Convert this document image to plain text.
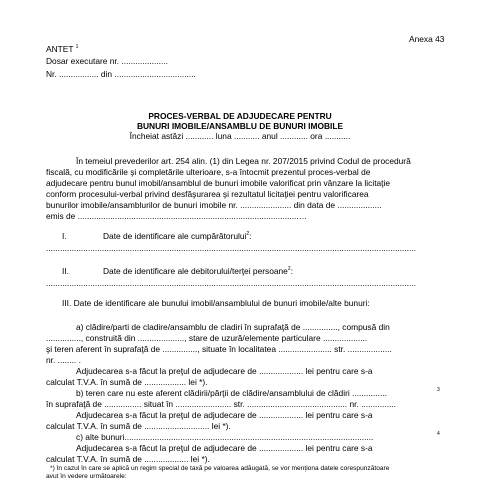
Anexa 43
ANTET $^1$
Dosar executare nr. ....................
Nr. ................. din ...................................
PROCES-VERBAL DE ADJUDECARE PENTRU
BUNURI IMOBILE/ANSAMBLU DE BUNURI IMOBILE
Încheiat astăzi ............ luna ........... anul ............ ora ...........
În temeiul prevederilor art. 254 alin. (1) din Legea nr. 207/2015 privind Codul de procedură
fiscală, cu modificările şi completările ulterioare, s-a întocmit prezentul proces-verbal de
adjudecare pentru bunul imobil/ansamblul de bunuri imobile valorificat prin vânzare la licitaţie
conform procesului-verbal privind desfăşurarea şi rezultatul licitaţiei pentru valorificarea
bunurilor imobile/ansamblurilor de bunuri imobile nr. ...................... din data de ...................
emis de ...............................................................................................…
I.	Date de identificare ale cumpărătorului$^2$:
...............................................................................................................................................................
II.	Date de identificare ale debitorului/terţei persoane$^2$:
...............................................................................................................................................................
III. Date de identificare ale bunului imobil/ansamblului de bunuri imobile/alte bunuri:
a) clădire/parti de cladire/ansamblu de cladiri în suprafaţă de ..............., compusă din
..............., construită din ...................., stare de uzură/elemente particulare ...................
şi teren aferent în suprafaţă de ..............., situate în localitatea ....................... str. ...................
nr. ........ .
Adjudecarea s-a făcut la preţul de adjudecare de ................... lei pentru care s-a
calculat T.V.A. în sumă de .................. lei *).
b) teren care nu este aferent clădirii/părţii de clădire/ansamblului de clădiri ...............	3
în suprafaţă de ................ situat în ........................ str. ........................................... nr. ...............
Adjudecarea s-a făcut la preţul de adjudecare de ................... lei pentru care s-a
calculat T.V.A. în sumă de ............................ lei *).
c) alte bunuri...........................................................................................................	4
Adjudecarea s-a făcut la preţul de adjudecare de ................... lei pentru care s-a
calculat T.V.A. în sumă de ................... lei *).
*) În cazul în care se aplică un regim special de taxă pe valoarea adăugată, se vor menționa datele corespunzătoare
avut în vedere următoarele:
